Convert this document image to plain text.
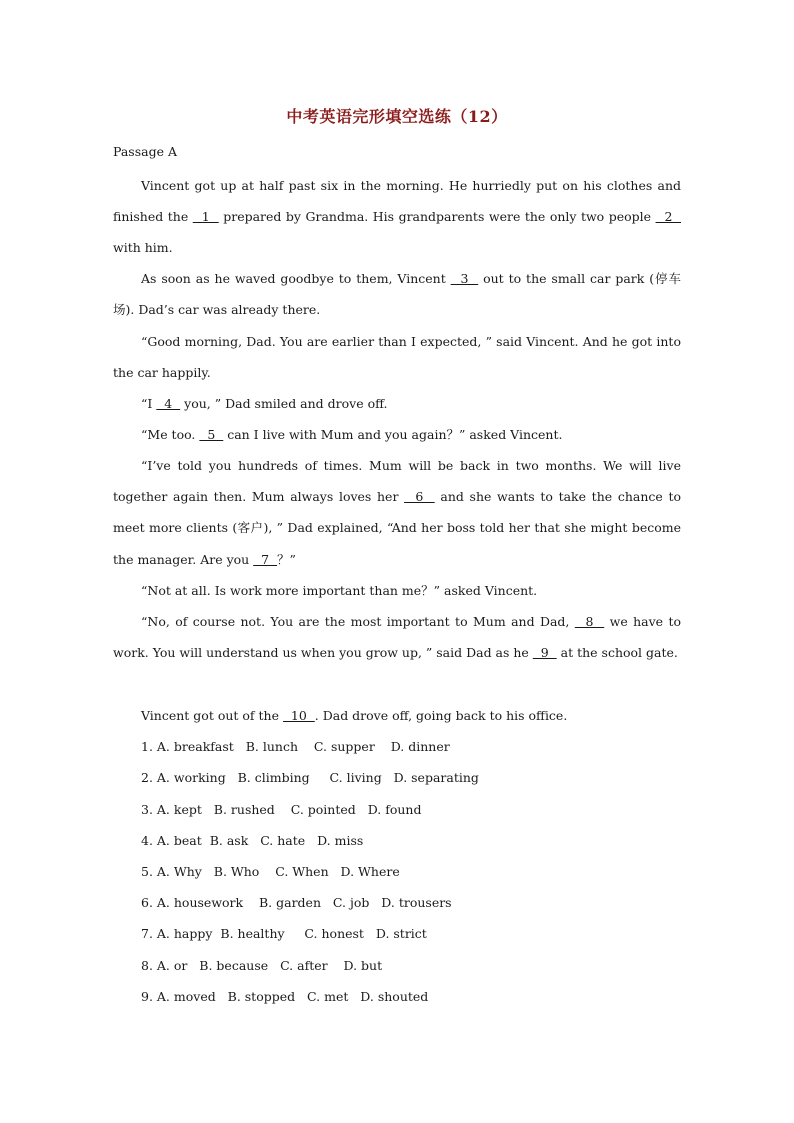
中考英语完形填空选练（12）
Passage A
Vincent got up at half past six in the morning. He hurriedly put on his clothes and finished the   1   prepared by Grandma. His grandparents were the only two people   2   with him.
As soon as he waved goodbye to them, Vincent   3   out to the small car park (停车场). Dad’s car was already there.
“Good morning, Dad. You are earlier than I expected, ” said Vincent. And he got into the car happily.
“I   4   you, ” Dad smiled and drove off.
“Me too.   5   can I live with Mum and you again？” asked Vincent.
“I’ve told you hundreds of times. Mum will be back in two months. We will live together again then. Mum always loves her   6   and she wants to take the chance to meet more clients (客户), ” Dad explained, “And her boss told her that she might become the manager. Are you   7  ？”
“Not at all. Is work more important than me？” asked Vincent.
“No, of course not. You are the most important to Mum and Dad,   8   we have to work. You will understand us when you grow up, ” said Dad as he   9   at the school gate.
Vincent got out of the   10  . Dad drove off, going back to his office.
1. A. breakfast   B. lunch    C. supper    D. dinner
2. A. working   B. climbing     C. living   D. separating
3. A. kept   B. rushed    C. pointed   D. found
4. A. beat  B. ask   C. hate   D. miss
5. A. Why   B. Who    C. When   D. Where
6. A. housework    B. garden   C. job   D. trousers
7. A. happy  B. healthy     C. honest   D. strict
8. A. or   B. because   C. after    D. but
9. A. moved   B. stopped   C. met   D. shouted
